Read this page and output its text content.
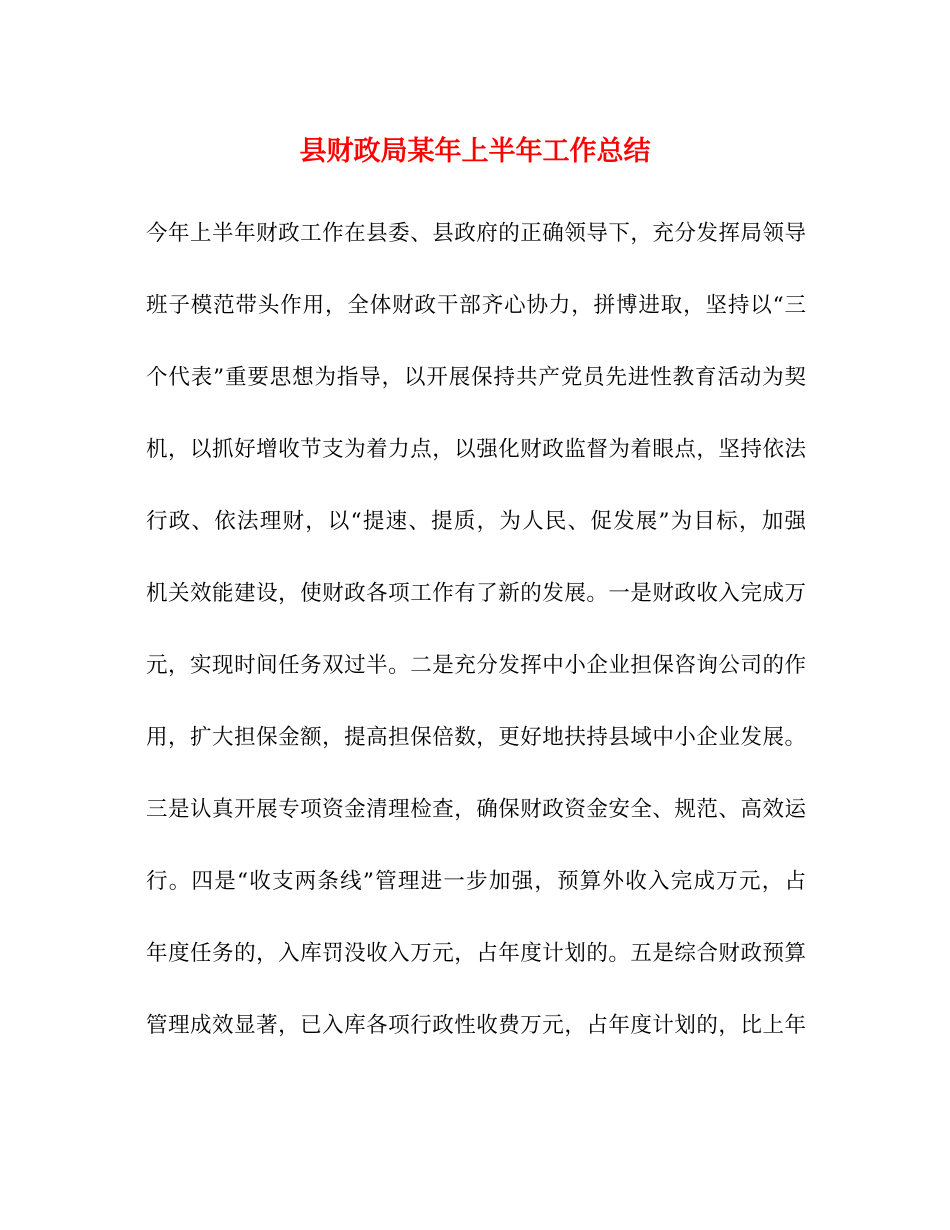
县财政局某年上半年工作总结
今年上半年财政工作在县委、县政府的正确领导下，充分发挥局领导
班子模范带头作用，全体财政干部齐心协力，拼博进取，坚持以“三
个代表”重要思想为指导，以开展保持共产党员先进性教育活动为契
机，以抓好增收节支为着力点，以强化财政监督为着眼点，坚持依法
行政、依法理财，以“提速、提质，为人民、促发展”为目标，加强
机关效能建设，使财政各项工作有了新的发展。一是财政收入完成万
元，实现时间任务双过半。二是充分发挥中小企业担保咨询公司的作
用，扩大担保金额，提高担保倍数，更好地扶持县域中小企业发展。
三是认真开展专项资金清理检查，确保财政资金安全、规范、高效运
行。四是“收支两条线”管理进一步加强，预算外收入完成万元，占
年度任务的，入库罚没收入万元，占年度计划的。五是综合财政预算
管理成效显著，已入库各项行政性收费万元，占年度计划的，比上年
